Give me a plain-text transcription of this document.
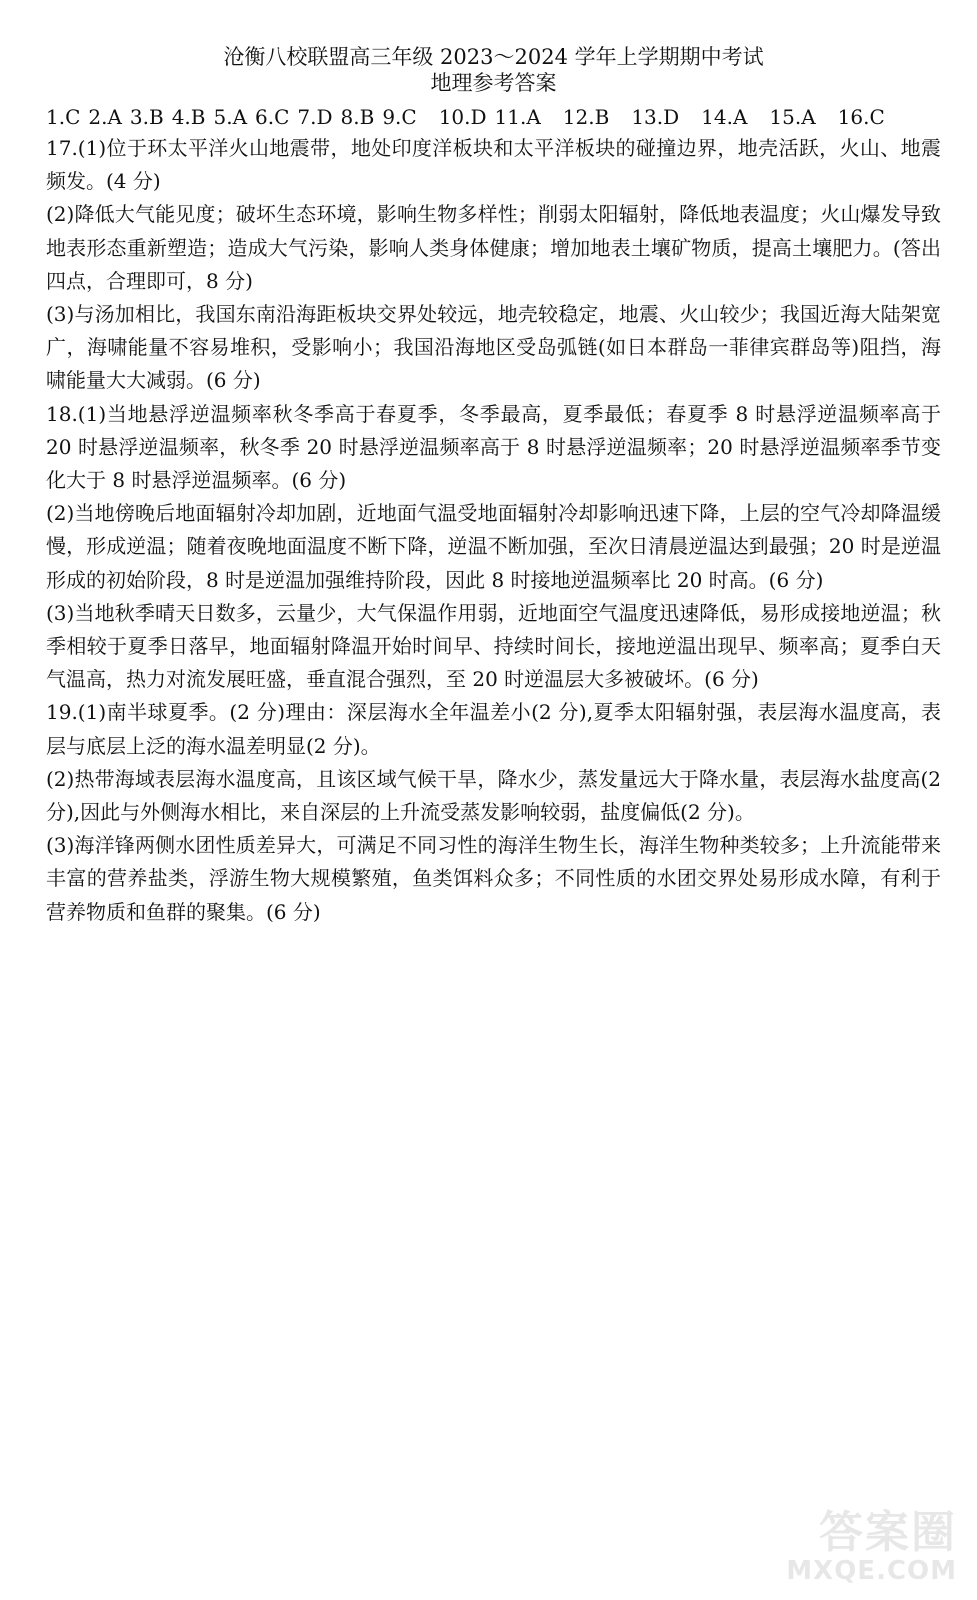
沧衡八校联盟高三年级 2023～2024 学年上学期期中考试

地理参考答案

1.C 2.A 3.B 4.B 5.A 6.C 7.D 8.B 9.C 10.D 11.A 12.B 13.D 14.A 15.A 16.C

17.(1)位于环太平洋火山地震带，地处印度洋板块和太平洋板块的碰撞边界，地壳活跃，火山、地震频发。(4 分)

(2)降低大气能见度；破坏生态环境，影响生物多样性；削弱太阳辐射，降低地表温度；火山爆发导致地表形态重新塑造；造成大气污染，影响人类身体健康；增加地表土壤矿物质，提高土壤肥力。(答出四点，合理即可，8 分)

(3)与汤加相比，我国东南沿海距板块交界处较远，地壳较稳定，地震、火山较少；我国近海大陆架宽广，海啸能量不容易堆积，受影响小；我国沿海地区受岛弧链(如日本群岛一菲律宾群岛等)阻挡，海啸能量大大减弱。(6 分)

18.(1)当地悬浮逆温频率秋冬季高于春夏季，冬季最高，夏季最低；春夏季 8 时悬浮逆温频率高于 20 时悬浮逆温频率，秋冬季 20 时悬浮逆温频率高于 8 时悬浮逆温频率；20 时悬浮逆温频率季节变化大于 8 时悬浮逆温频率。(6 分)

(2)当地傍晚后地面辐射冷却加剧，近地面气温受地面辐射冷却影响迅速下降，上层的空气冷却降温缓慢，形成逆温；随着夜晚地面温度不断下降，逆温不断加强，至次日清晨逆温达到最强；20 时是逆温形成的初始阶段，8 时是逆温加强维持阶段，因此 8 时接地逆温频率比 20 时高。(6 分)

(3)当地秋季晴天日数多，云量少，大气保温作用弱，近地面空气温度迅速降低，易形成接地逆温；秋季相较于夏季日落早，地面辐射降温开始时间早、持续时间长，接地逆温出现早、频率高；夏季白天气温高，热力对流发展旺盛，垂直混合强烈，至 20 时逆温层大多被破坏。(6 分)

19.(1)南半球夏季。(2 分)理由：深层海水全年温差小(2 分),夏季太阳辐射强，表层海水温度高，表层与底层上泛的海水温差明显(2 分)。

(2)热带海域表层海水温度高，且该区域气候干旱，降水少，蒸发量远大于降水量，表层海水盐度高(2 分),因此与外侧海水相比，来自深层的上升流受蒸发影响较弱，盐度偏低(2 分)。

(3)海洋锋两侧水团性质差异大，可满足不同习性的海洋生物生长，海洋生物种类较多；上升流能带来丰富的营养盐类，浮游生物大规模繁殖，鱼类饵料众多；不同性质的水团交界处易形成水障，有利于营养物质和鱼群的聚集。(6 分)

答案圈
MXQE.COM
